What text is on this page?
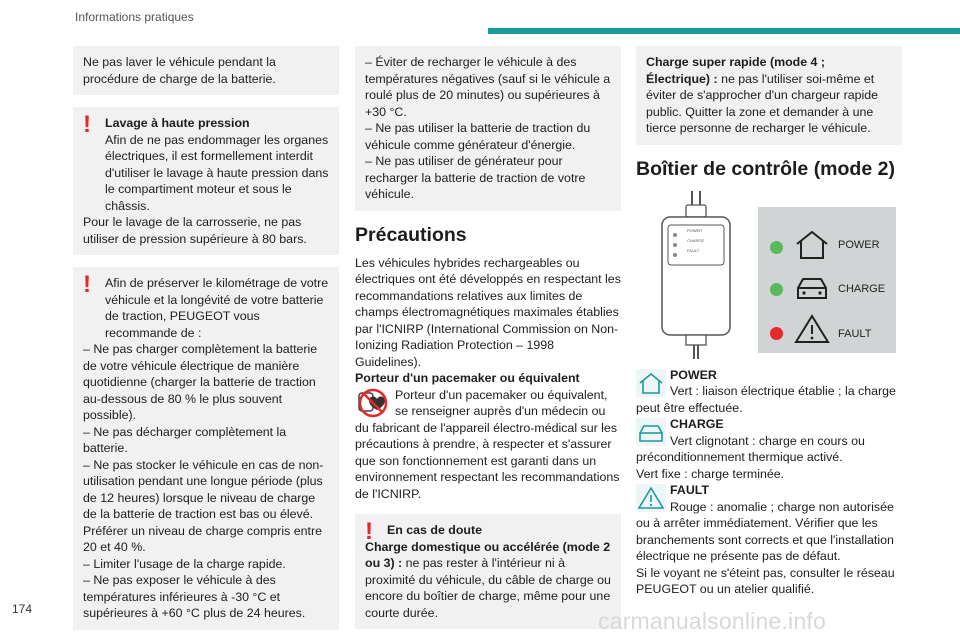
Informations pratiques

Ne pas laver le véhicule pendant la procédure de charge de la batterie.

! Lavage à haute pression

Afin de ne pas endommager les organes électriques, il est formellement interdit d'utiliser le lavage à haute pression dans le compartiment moteur et sous le châssis.

Pour le lavage de la carrosserie, ne pas utiliser de pression supérieure à 80 bars.

! Afin de préserver le kilométrage de votre véhicule et la longévité de votre batterie de traction, PEUGEOT vous recommande de :

– Ne pas charger complètement la batterie de votre véhicule électrique de manière quotidienne (charger la batterie de traction au-dessous de 80 % le plus souvent possible).

– Ne pas décharger complètement la batterie.

– Ne pas stocker le véhicule en cas de non-utilisation pendant une longue période (plus de 12 heures) lorsque le niveau de charge de la batterie de traction est bas ou élevé.

Préférer un niveau de charge compris entre 20 et 40 %.

– Limiter l'usage de la charge rapide.

– Ne pas exposer le véhicule à des températures inférieures à -30 °C et supérieures à +60 °C plus de 24 heures.

– Éviter de recharger le véhicule à des températures négatives (sauf si le véhicule a roulé plus de 20 minutes) ou supérieures à +30 °C.

– Ne pas utiliser la batterie de traction du véhicule comme générateur d'énergie.

– Ne pas utiliser de générateur pour recharger la batterie de traction de votre véhicule.

Précautions

Les véhicules hybrides rechargeables ou électriques ont été développés en respectant les recommandations relatives aux limites de champs électromagnétiques maximales établies par l'ICNIRP (International Commission on Non-Ionizing Radiation Protection – 1998 Guidelines).

Porteur d'un pacemaker ou équivalent

Porteur d'un pacemaker ou équivalent, se renseigner auprès d'un médecin ou du fabricant de l'appareil électro-médical sur les précautions à prendre, à respecter et s'assurer que son fonctionnement est garanti dans un environnement respectant les recommandations de l'ICNIRP.
! En cas de doute

Charge domestique ou accélérée (mode 2 ou 3) : ne pas rester à l'intérieur ni à proximité du véhicule, du câble de charge ou encore du boîtier de charge, même pour une courte durée.

Charge super rapide (mode 4 ; Électrique) : ne pas l'utiliser soi-même et éviter de s'approcher d'un chargeur rapide public. Quitter la zone et demander à une tierce personne de recharger le véhicule.

Boîtier de contrôle (mode 2)
POWER
CHARGE
FAULT	POWER
CHARGE
FAULT
POWER
Vert : liaison électrique établie ; la charge peut être effectuée.
CHARGE
Vert clignotant : charge en cours ou préconditionnement thermique activé.
Vert fixe : charge terminée.
FAULT
Rouge : anomalie ; charge non autorisée ou à arrêter immédiatement. Vérifier que les branchements sont corrects et que l'installation électrique ne présente pas de défaut.
Si le voyant ne s'éteint pas, consulter le réseau PEUGEOT ou un atelier qualifié.
174	carmanualsonline.info
